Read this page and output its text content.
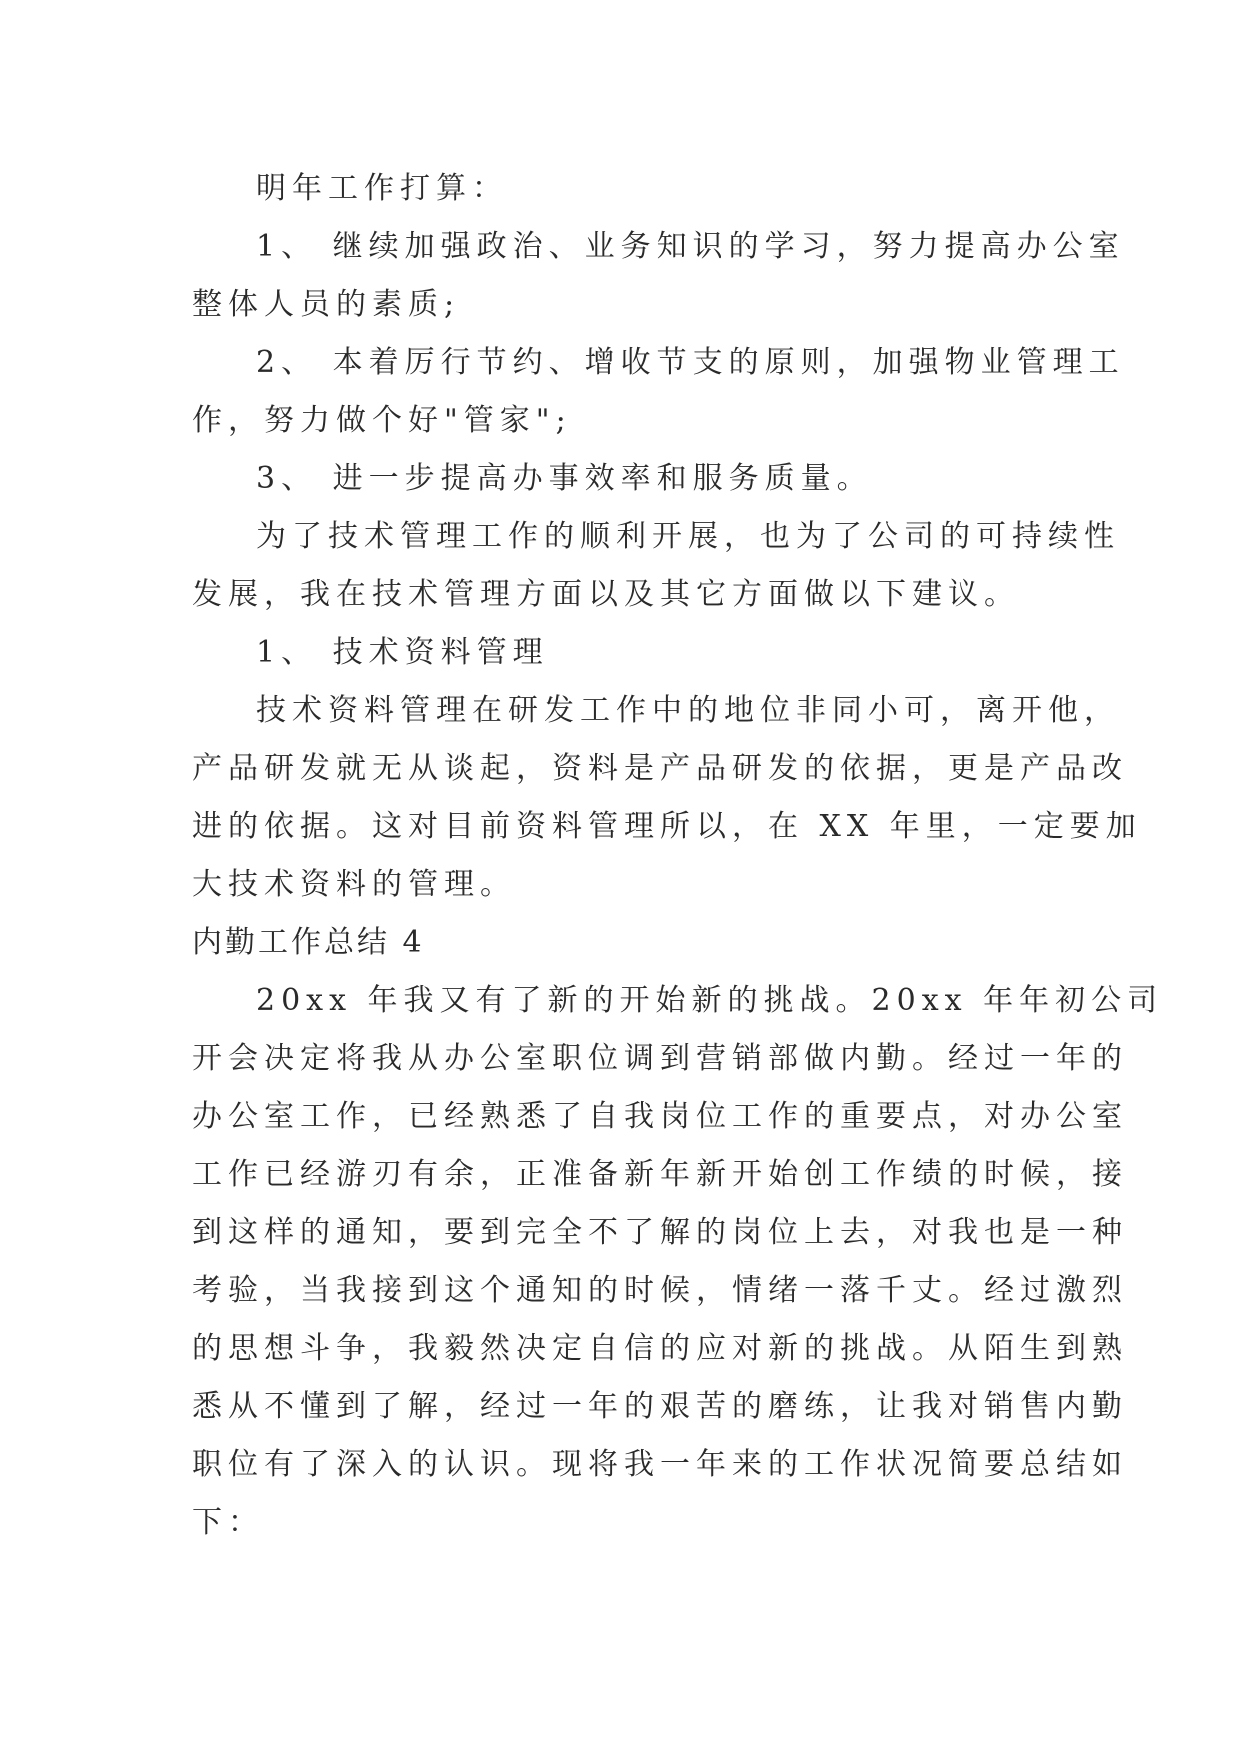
明年工作打算：
1、 继续加强政治、业务知识的学习，努力提高办公室
整体人员的素质;
2、 本着厉行节约、增收节支的原则，加强物业管理工
作，努力做个好"管家";
3、 进一步提高办事效率和服务质量。
为了技术管理工作的顺利开展，也为了公司的可持续性
发展，我在技术管理方面以及其它方面做以下建议。
1、 技术资料管理
技术资料管理在研发工作中的地位非同小可，离开他，
产品研发就无从谈起，资料是产品研发的依据，更是产品改
进的依据。这对目前资料管理所以，在 XX 年里，一定要加
大技术资料的管理。
内勤工作总结 4
20xx 年我又有了新的开始新的挑战。20xx 年年初公司
开会决定将我从办公室职位调到营销部做内勤。经过一年的
办公室工作，已经熟悉了自我岗位工作的重要点，对办公室
工作已经游刃有余，正准备新年新开始创工作绩的时候，接
到这样的通知，要到完全不了解的岗位上去，对我也是一种
考验，当我接到这个通知的时候，情绪一落千丈。经过激烈
的思想斗争，我毅然决定自信的应对新的挑战。从陌生到熟
悉从不懂到了解，经过一年的艰苦的磨练，让我对销售内勤
职位有了深入的认识。现将我一年来的工作状况简要总结如
下：
